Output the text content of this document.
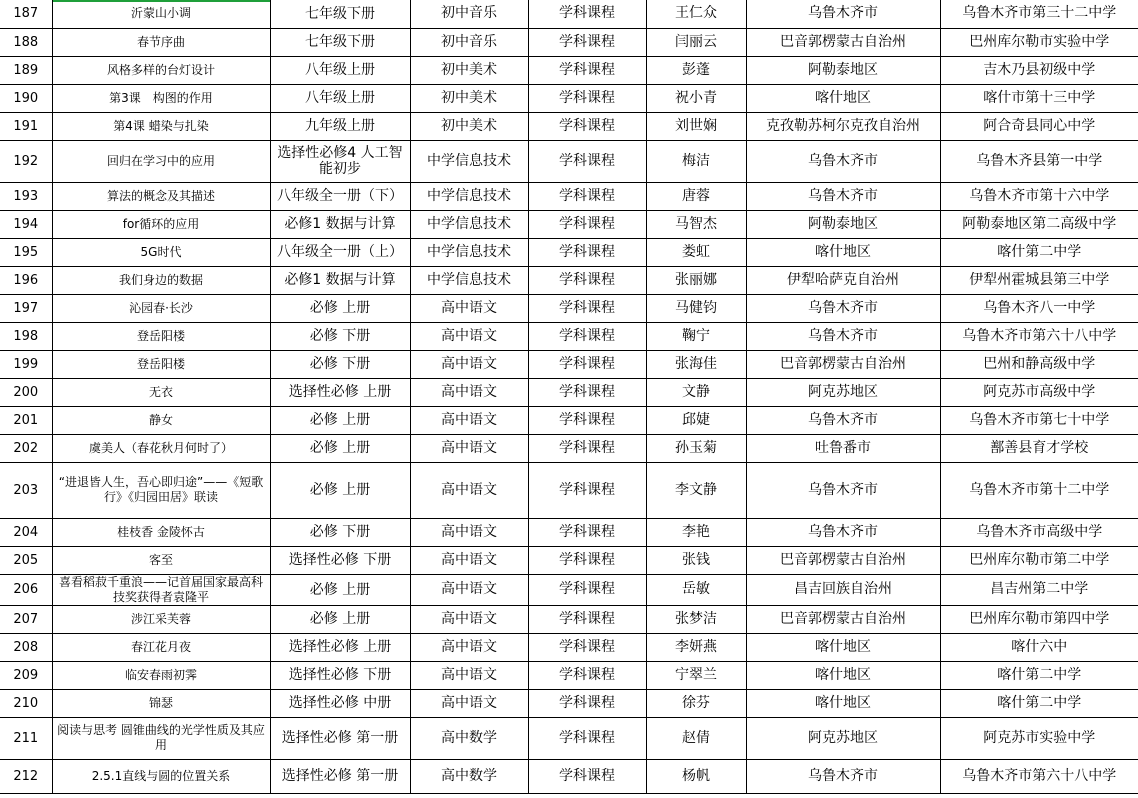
187	沂蒙山小调	七年级下册	初中音乐	学科课程	王仁众	乌鲁木齐市	乌鲁木齐市第三十二中学
188	春节序曲	七年级下册	初中音乐	学科课程	闫丽云	巴音郭楞蒙古自治州	巴州库尔勒市实验中学
189	风格多样的台灯设计	八年级上册	初中美术	学科课程	彭蓬	阿勒泰地区	吉木乃县初级中学
190	第3课　构图的作用	八年级上册	初中美术	学科课程	祝小青	喀什地区	喀什市第十三中学
191	第4课 蜡染与扎染	九年级上册	初中美术	学科课程	刘世娴	克孜勒苏柯尔克孜自治州	阿合奇县同心中学
192	回归在学习中的应用	选择性必修4 人工智能初步	中学信息技术	学科课程	梅洁	乌鲁木齐市	乌鲁木齐县第一中学
193	算法的概念及其描述	八年级全一册（下）	中学信息技术	学科课程	唐蓉	乌鲁木齐市	乌鲁木齐市第十六中学
194	for循环的应用	必修1 数据与计算	中学信息技术	学科课程	马智杰	阿勒泰地区	阿勒泰地区第二高级中学
195	5G时代	八年级全一册（上）	中学信息技术	学科课程	娄虹	喀什地区	喀什第二中学
196	我们身边的数据	必修1 数据与计算	中学信息技术	学科课程	张丽娜	伊犁哈萨克自治州	伊犁州霍城县第三中学
197	沁园春·长沙	必修 上册	高中语文	学科课程	马健钧	乌鲁木齐市	乌鲁木齐八一中学
198	登岳阳楼	必修 下册	高中语文	学科课程	鞠宁	乌鲁木齐市	乌鲁木齐市第六十八中学
199	登岳阳楼	必修 下册	高中语文	学科课程	张海佳	巴音郭楞蒙古自治州	巴州和静高级中学
200	无衣	选择性必修 上册	高中语文	学科课程	文静	阿克苏地区	阿克苏市高级中学
201	静女	必修 上册	高中语文	学科课程	邱婕	乌鲁木齐市	乌鲁木齐市第七十中学
202	虞美人（春花秋月何时了）	必修 上册	高中语文	学科课程	孙玉菊	吐鲁番市	鄯善县育才学校
203	“进退皆人生，吾心即归途”——《短歌行》《归园田居》联读	必修 上册	高中语文	学科课程	李文静	乌鲁木齐市	乌鲁木齐市第十二中学
204	桂枝香 金陵怀古	必修 下册	高中语文	学科课程	李艳	乌鲁木齐市	乌鲁木齐市高级中学
205	客至	选择性必修 下册	高中语文	学科课程	张钱	巴音郭楞蒙古自治州	巴州库尔勒市第二中学
206	喜看稻菽千重浪——记首届国家最高科技奖获得者袁隆平	必修 上册	高中语文	学科课程	岳敏	昌吉回族自治州	昌吉州第二中学
207	涉江采芙蓉	必修 上册	高中语文	学科课程	张梦洁	巴音郭楞蒙古自治州	巴州库尔勒市第四中学
208	春江花月夜	选择性必修 上册	高中语文	学科课程	李妍燕	喀什地区	喀什六中
209	临安春雨初霁	选择性必修 下册	高中语文	学科课程	宁翠兰	喀什地区	喀什第二中学
210	锦瑟	选择性必修 中册	高中语文	学科课程	徐芬	喀什地区	喀什第二中学
211	阅读与思考 圆锥曲线的光学性质及其应用	选择性必修 第一册	高中数学	学科课程	赵倩	阿克苏地区	阿克苏市实验中学
212	2.5.1直线与圆的位置关系	选择性必修 第一册	高中数学	学科课程	杨帆	乌鲁木齐市	乌鲁木齐市第六十八中学
